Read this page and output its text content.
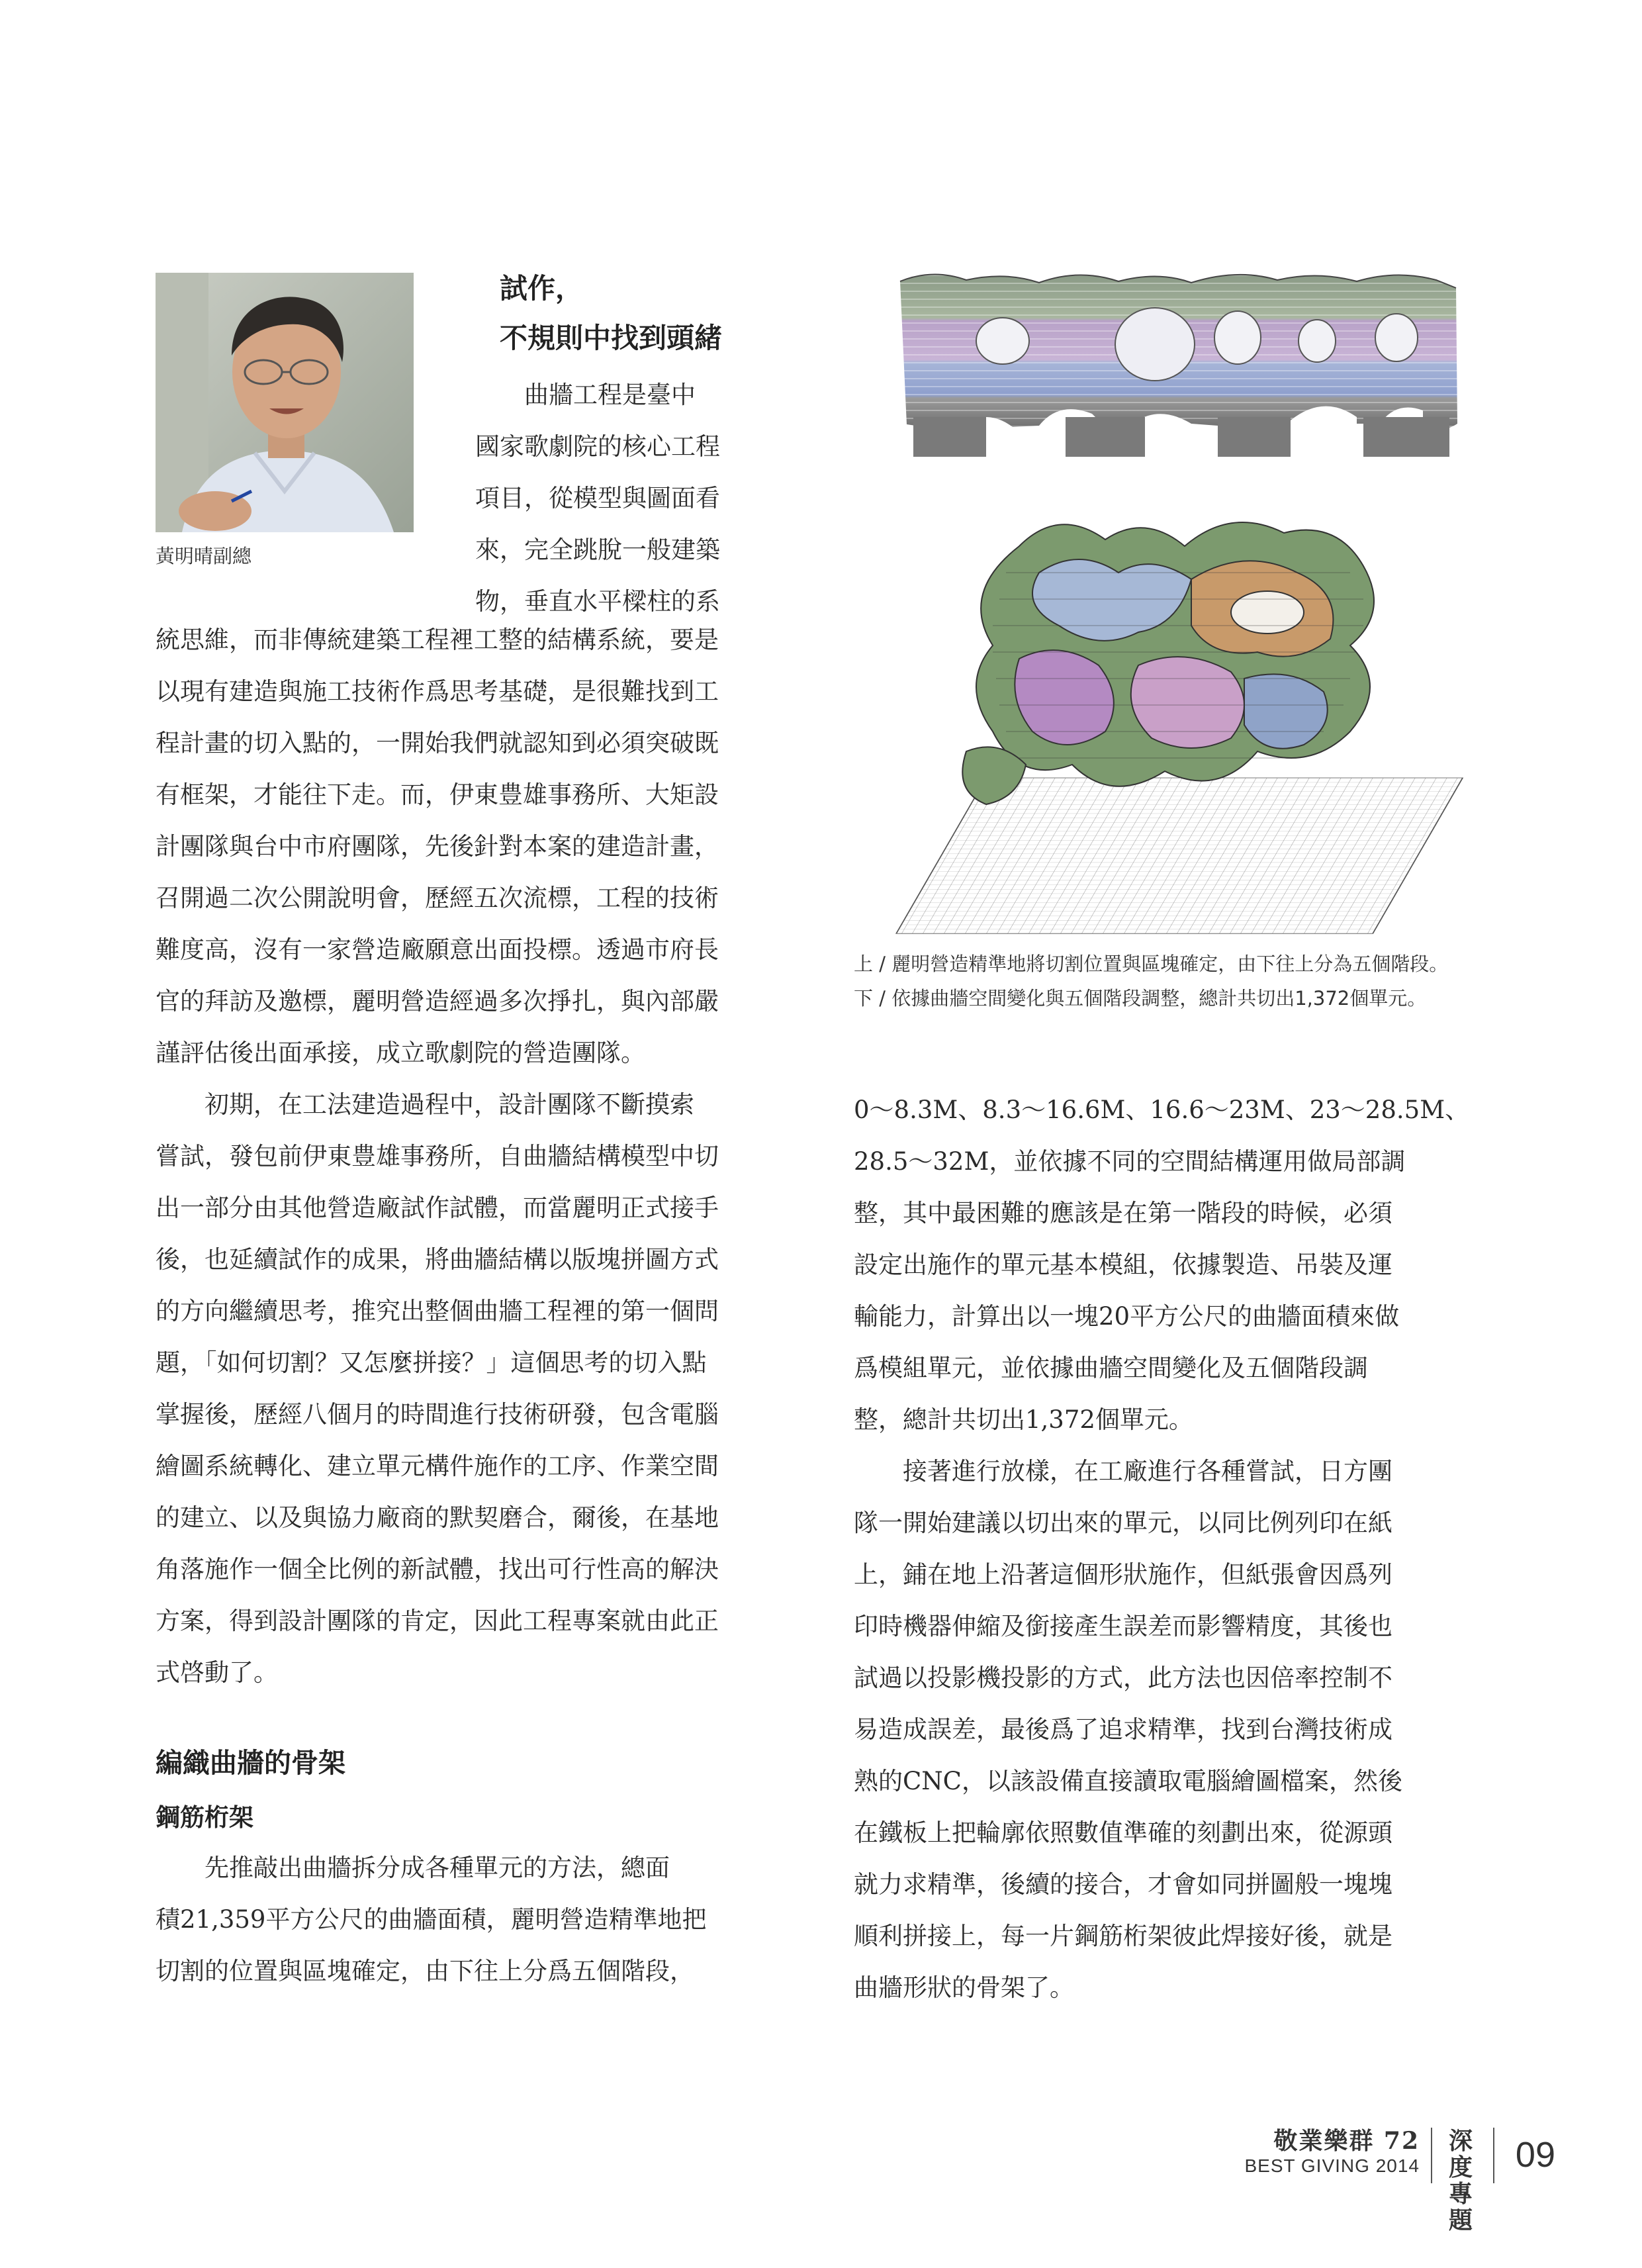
黃明晴副總
試作，
不規則中找到頭緒
　　曲牆工程是臺中
國家歌劇院的核心工程
項目，從模型與圖面看
來，完全跳脫一般建築
物，垂直水平樑柱的系
統思維，而非傳統建築工程裡工整的結構系統，要是
以現有建造與施工技術作爲思考基礎，是很難找到工
程計畫的切入點的，一開始我們就認知到必須突破既
有框架，才能往下走。而，伊東豊雄事務所、大矩設
計團隊與台中市府團隊，先後針對本案的建造計畫，
召開過二次公開說明會，歷經五次流標，工程的技術
難度高，沒有一家營造廠願意出面投標。透過市府長
官的拜訪及邀標，麗明營造經過多次掙扎，與內部嚴
謹評估後出面承接，成立歌劇院的營造團隊。
　　初期，在工法建造過程中，設計團隊不斷摸索
嘗試，發包前伊東豊雄事務所，自曲牆結構模型中切
出一部分由其他營造廠試作試體，而當麗明正式接手
後，也延續試作的成果，將曲牆結構以版塊拼圖方式
的方向繼續思考，推究出整個曲牆工程裡的第一個問
題，「如何切割？又怎麼拼接？」這個思考的切入點
掌握後，歷經八個月的時間進行技術研發，包含電腦
繪圖系統轉化、建立單元構件施作的工序、作業空間
的建立、以及與協力廠商的默契磨合，爾後，在基地
角落施作一個全比例的新試體，找出可行性高的解決
方案，得到設計團隊的肯定，因此工程專案就由此正
式啓動了。
編織曲牆的骨架
鋼筋桁架
　　先推敲出曲牆拆分成各種單元的方法，總面
積21,359平方公尺的曲牆面積，麗明營造精準地把
切割的位置與區塊確定，由下往上分爲五個階段，
上 / 麗明營造精準地將切割位置與區塊確定，由下往上分為五個階段。
下 / 依據曲牆空間變化與五個階段調整，總計共切出1,372個單元。
0～8.3M、8.3～16.6M、16.6～23M、23～28.5M、
28.5～32M，並依據不同的空間結構運用做局部調
整，其中最困難的應該是在第一階段的時候，必須
設定出施作的單元基本模組，依據製造、吊裝及運
輸能力，計算出以一塊20平方公尺的曲牆面積來做
爲模組單元，並依據曲牆空間變化及五個階段調
整，總計共切出1,372個單元。
　　接著進行放樣，在工廠進行各種嘗試，日方團
隊一開始建議以切出來的單元，以同比例列印在紙
上，鋪在地上沿著這個形狀施作，但紙張會因爲列
印時機器伸縮及銜接產生誤差而影響精度，其後也
試過以投影機投影的方式，此方法也因倍率控制不
易造成誤差，最後爲了追求精準，找到台灣技術成
熟的CNC，以該設備直接讀取電腦繪圖檔案，然後
在鐵板上把輪廓依照數值準確的刻劃出來，從源頭
就力求精準，後續的接合，才會如同拼圖般一塊塊
順利拼接上，每一片鋼筋桁架彼此焊接好後，就是
曲牆形狀的骨架了。
敬業樂群 72
BEST GIVING 2014
深度
專題
09
